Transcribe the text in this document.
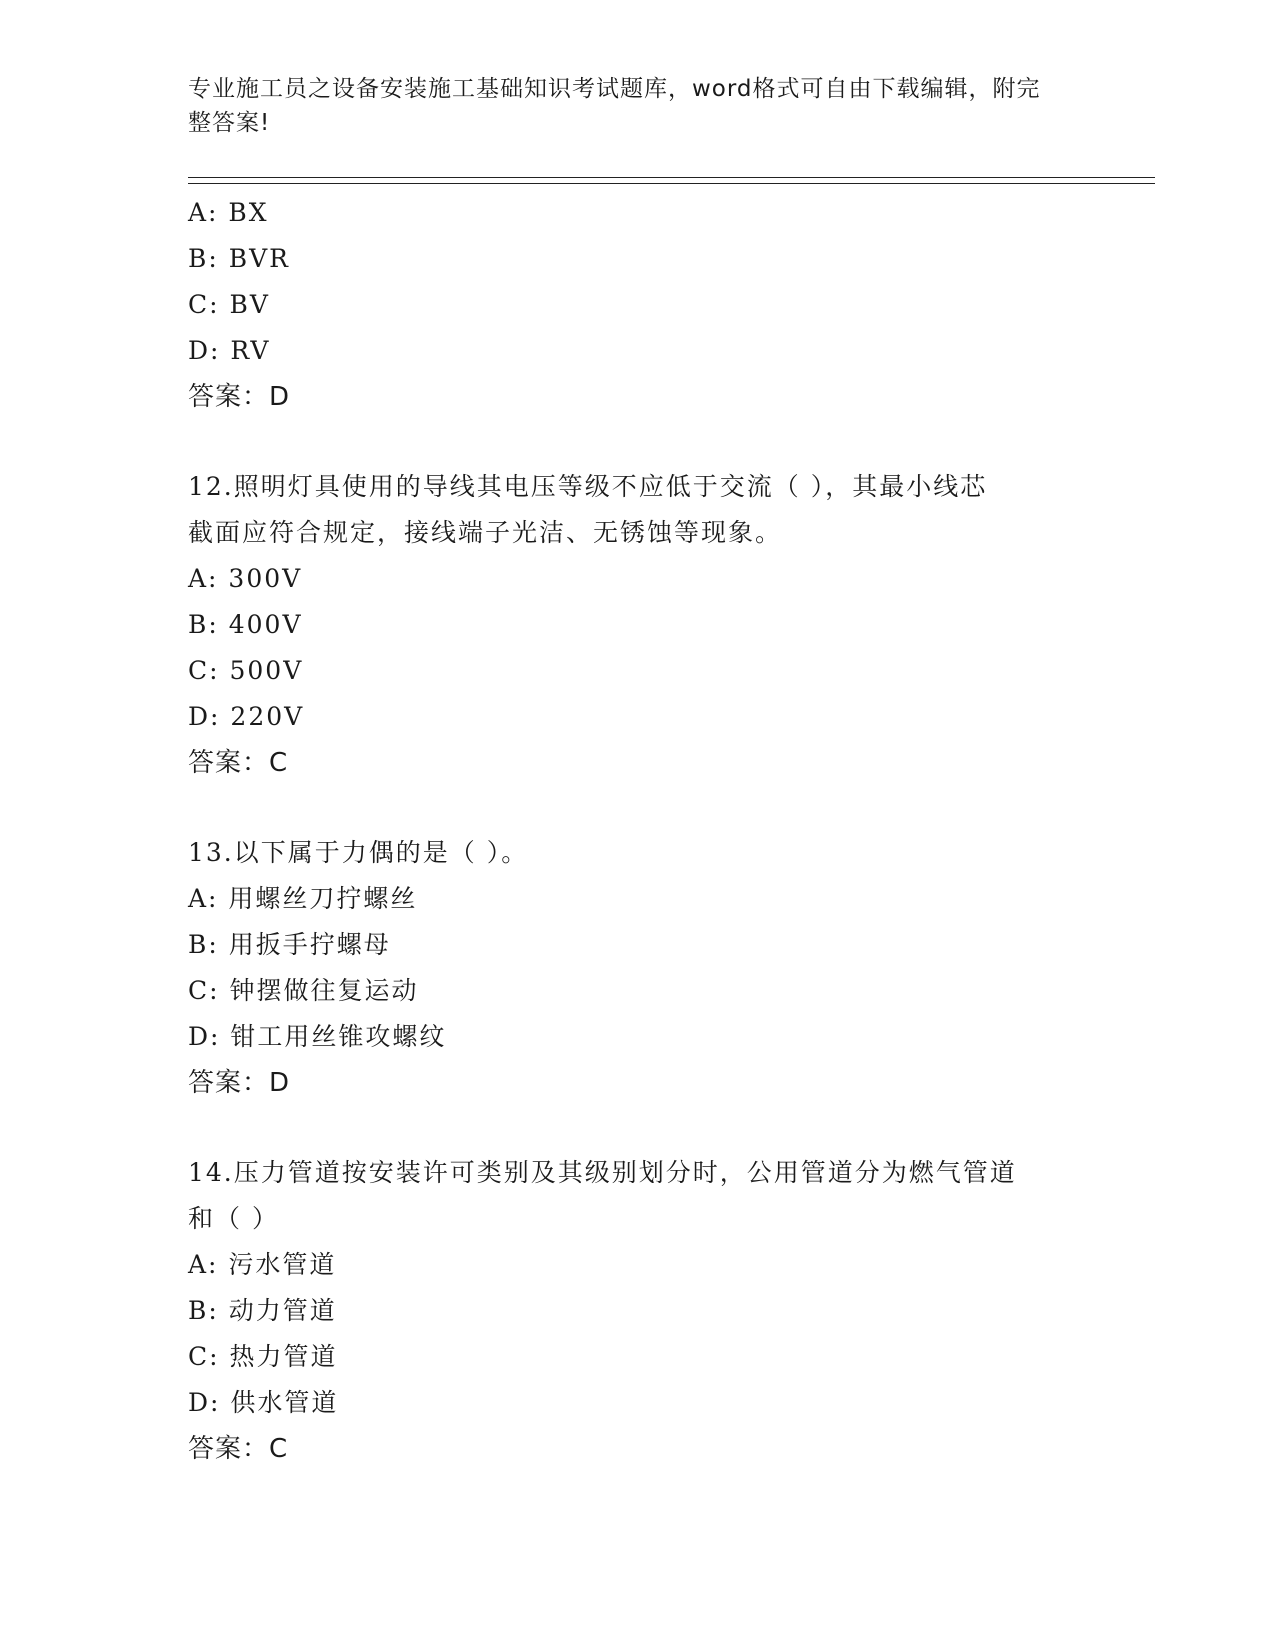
专业施工员之设备安装施工基础知识考试题库，word格式可自由下载编辑，附完
整答案!
A: BX
B: BVR
C: BV
D: RV
答案：D
12.照明灯具使用的导线其电压等级不应低于交流（ ），其最小线芯
截面应符合规定，接线端子光洁、无锈蚀等现象。
A: 300V
B: 400V
C: 500V
D: 220V
答案：C
13.以下属于力偶的是（ ）。
A: 用螺丝刀拧螺丝
B: 用扳手拧螺母
C: 钟摆做往复运动
D: 钳工用丝锥攻螺纹
答案：D
14.压力管道按安装许可类别及其级别划分时，公用管道分为燃气管道
和（ ）
A: 污水管道
B: 动力管道
C: 热力管道
D: 供水管道
答案：C
